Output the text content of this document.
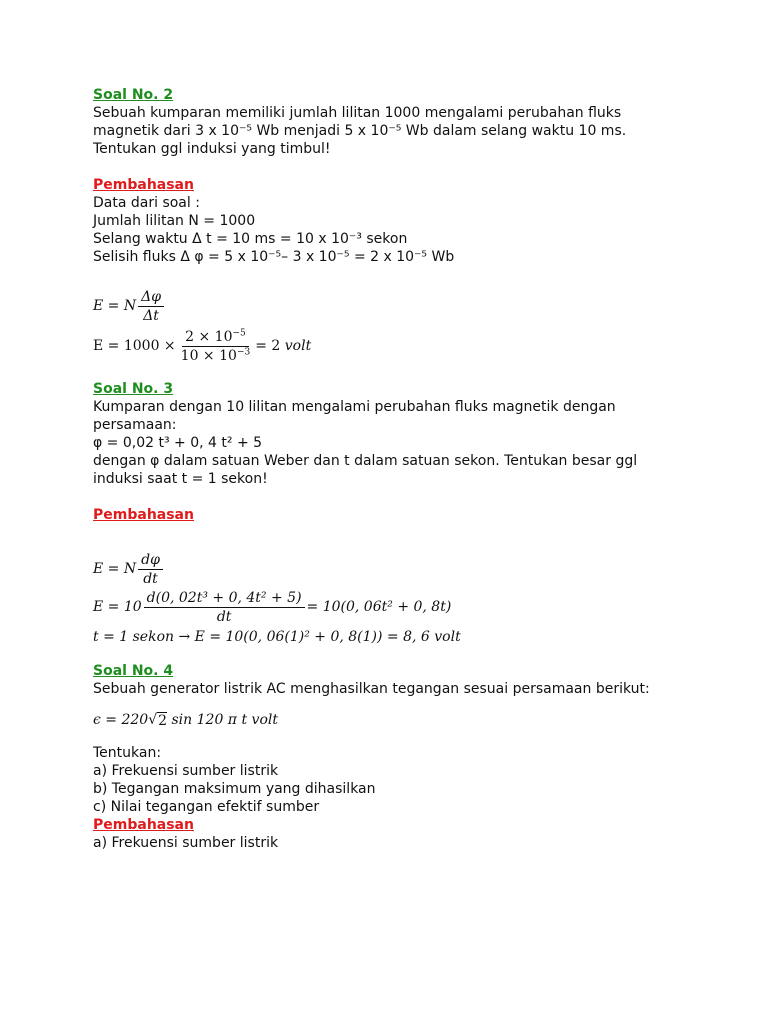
Soal No. 2

Sebuah kumparan memiliki jumlah lilitan 1000 mengalami perubahan fluks

magnetik dari 3 x 10⁻⁵ Wb menjadi 5 x 10⁻⁵ Wb dalam selang waktu 10 ms.

Tentukan ggl induksi yang timbul!

Pembahasan

Data dari soal :

Jumlah lilitan N = 1000

Selang waktu Δ t = 10 ms = 10 x 10⁻³ sekon

Selisih fluks Δ φ = 5 x 10⁻⁵– 3 x 10⁻⁵ = 2 x 10⁻⁵ Wb

E = N $\frac{\Delta\varphi}{\Delta t}$
$E = 1000 \times \frac{2 \times 10^{-5}}{10 \times 10^{-3}} = 2$
volt

Soal No. 3

Kumparan dengan 10 lilitan mengalami perubahan fluks magnetik dengan

persamaan:

φ = 0,02 t³ + 0, 4 t² + 5

dengan φ dalam satuan Weber dan t dalam satuan sekon. Tentukan besar ggl

induksi saat t = 1 sekon!

Pembahasan

E = N $\frac{d\varphi}{dt}$
$E = 10 \frac{\text{d(0, 02t³ + 0, 4t² + 5)}}{dt} = 10(0$, 06t² + 0, 8t)
t = 1 sekon → E = 10(0, 06(1)² + 0, 8(1)) = 8, 6 volt

Soal No. 4

Sebuah generator listrik AC menghasilkan tegangan sesuai persamaan berikut:

ϵ = 220 √ 2
sin 120 π t volt

Tentukan:

a) Frekuensi sumber listrik

b) Tegangan maksimum yang dihasilkan

c) Nilai tegangan efektif sumber

Pembahasan

a) Frekuensi sumber listrik
